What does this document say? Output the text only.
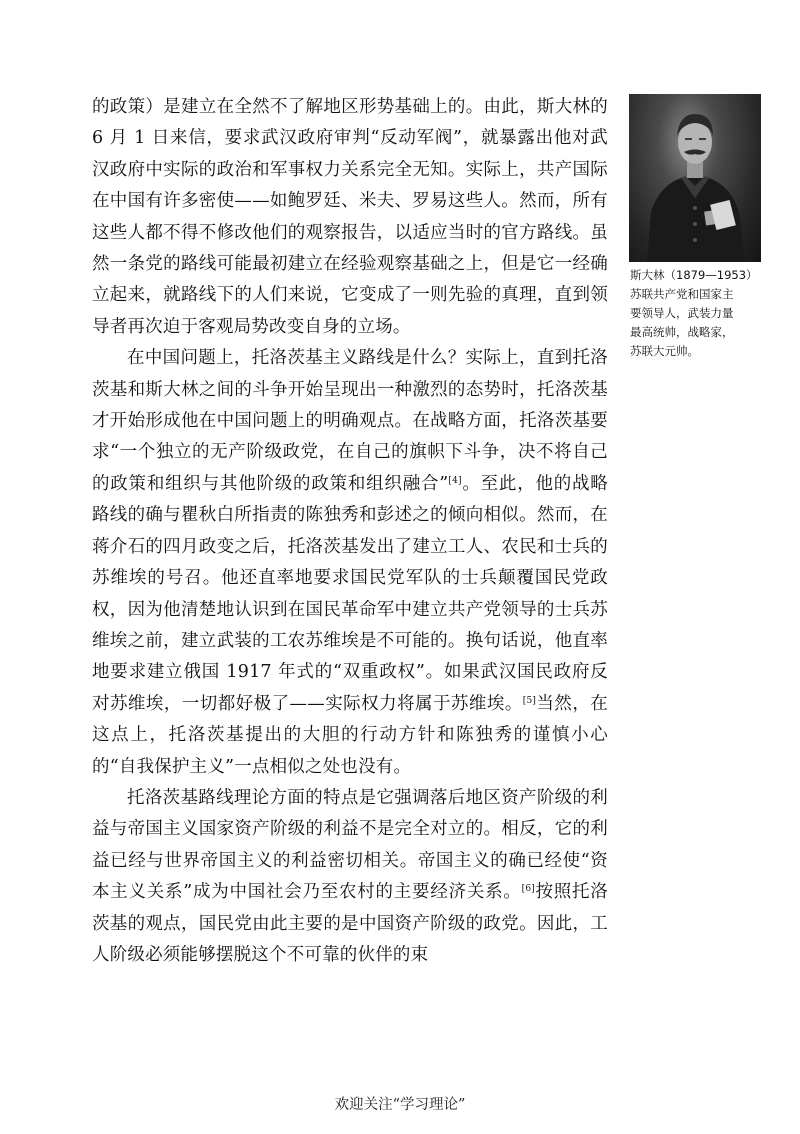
的政策）是建立在全然不了解地区形势基础上的。由此，斯大林的 6 月 1 日来信，要求武汉政府审判“反动军阀”，就暴露出他对武汉政府中实际的政治和军事权力关系完全无知。实际上，共产国际在中国有许多密使——如鲍罗廷、米夫、罗易这些人。然而，所有这些人都不得不修改他们的观察报告，以适应当时的官方路线。虽然一条党的路线可能最初建立在经验观察基础之上，但是它一经确立起来，就路线下的人们来说，它变成了一则先验的真理，直到领导者再次迫于客观局势改变自身的立场。

在中国问题上，托洛茨基主义路线是什么？实际上，直到托洛茨基和斯大林之间的斗争开始呈现出一种激烈的态势时，托洛茨基才开始形成他在中国问题上的明确观点。在战略方面，托洛茨基要求“一个独立的无产阶级政党，在自己的旗帜下斗争，决不将自己的政策和组织与其他阶级的政策和组织融合”[4]。至此，他的战略路线的确与瞿秋白所指责的陈独秀和彭述之的倾向相似。然而，在蒋介石的四月政变之后，托洛茨基发出了建立工人、农民和士兵的苏维埃的号召。他还直率地要求国民党军队的士兵颠覆国民党政权，因为他清楚地认识到在国民革命军中建立共产党领导的士兵苏维埃之前，建立武装的工农苏维埃是不可能的。换句话说，他直率地要求建立俄国 1917 年式的“双重政权”。如果武汉国民政府反对苏维埃，一切都好极了——实际权力将属于苏维埃。[5]当然，在这点上，托洛茨基提出的大胆的行动方针和陈独秀的谨慎小心的“自我保护主义”一点相似之处也没有。

托洛茨基路线理论方面的特点是它强调落后地区资产阶级的利益与帝国主义国家资产阶级的利益不是完全对立的。相反，它的利益已经与世界帝国主义的利益密切相关。帝国主义的确已经使“资本主义关系”成为中国社会乃至农村的主要经济关系。[6]按照托洛茨基的观点，国民党由此主要的是中国资产阶级的政党。因此，工人阶级必须能够摆脱这个不可靠的伙伴的束

斯大林（1879—1953）
苏联共产党和国家主
要领导人，武装力量
最高统帅，战略家，
苏联大元帅。
欢迎关注“学习理论”
